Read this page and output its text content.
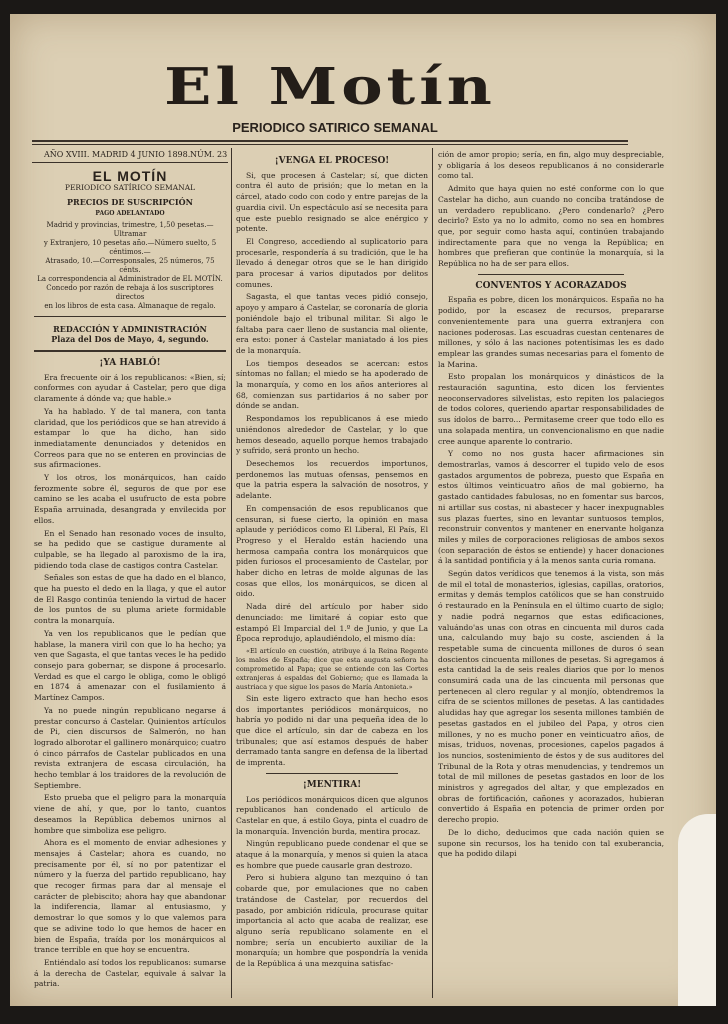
El Motín
PERIODICO SATIRICO SEMANAL
AÑO XVIII. MADRID 4 JUNIO 1898. NÚM. 23
EL MOTÍN
PERIODICO SATÍRICO SEMANAL
PRECIOS DE SUSCRIPCIÓN
PAGO ADELANTADO
Madrid y provincias, trimestre, 1,50 pesetas.—Ultramar
y Extranjero, 10 pesetas año.—Número suelto, 5 céntimos.—
Atrasado, 10.—Corresponsales, 25 números, 75 cénts.
La correspondencia al Administrador de EL MOTÍN.
Concedo por razón de rebaja á los suscriptores directos
en los libros de esta casa. Almanaque de regalo.
REDACCIÓN Y ADMINISTRACIÓN
Plaza del Dos de Mayo, 4, segundo.
¡YA HABLÓ!

Era frecuente oir á los republicanos: «Bien, sí; conformes con ayudar á Castelar, pero que diga claramente á dónde va; que hable.»

Ya ha hablado. Y de tal manera, con tanta claridad, que los periódicos que se han atrevido á estampar lo que ha dicho, han sido inmediatamente denunciados y detenidos en Correos para que no se enteren en provincias de sus afirmaciones.

Y los otros, los monárquicos, han caído ferozmente sobre él, seguros de que por ese camino se les acaba el usufructo de esta pobre España arruinada, desangrada y envilecida por ellos.

En el Senado han resonado voces de insulto, se ha pedido que se castigue duramente al culpable, se ha llegado al paroxismo de la ira, pidiendo toda clase de castigos contra Castelar.

Señales son estas de que ha dado en el blanco, que ha puesto el dedo en la llaga, y que el autor de El Rasgo continúa teniendo la virtud de hacer de los puntos de su pluma ariete formidable contra la monarquía.

Ya ven los republicanos que le pedían que hablase, la manera viril con que lo ha hecho; ya ven que Sagasta, el que tantas veces le ha pedido consejo para gobernar, se dispone á procesarlo. Verdad es que el cargo le obliga, como le obligó en 1874 á amenazar con el fusilamiento á Martínez Campos.

Ya no puede ningún republicano negarse á prestar concurso á Castelar. Quinientos artículos de Pi, cien discursos de Salmerón, no han logrado alborotar el gallinero monárquico; cuatro ó cinco párrafos de Castelar publicados en una revista extranjera de escasa circulación, ha hecho temblar á los traidores de la revolución de Septiembre.

Esto prueba que el peligro para la monarquía viene de ahí, y que, por lo tanto, cuantos deseamos la República debemos unirnos al hombre que simboliza ese peligro.

Ahora es el momento de enviar adhesiones y mensajes á Castelar; ahora es cuando, no precisamente por él, sí no por patentizar el número y la fuerza del partido republicano, hay que recoger firmas para dar al mensaje el carácter de plebiscito; ahora hay que abandonar la indiferencia, llamar al entusiasmo, y demostrar lo que somos y lo que valemos para que se adivine todo lo que hemos de hacer en bien de España, traída por los monárquicos al trance terrible en que hoy se encuentra.

Entiéndalo así todos los republicanos: sumarse á la derecha de Castelar, equivale á salvar la patria.

¡VENGA EL PROCESO!

Si, que procesen á Castelar; sí, que dicten contra él auto de prisión; que lo metan en la cárcel, atado codo con codo y entre parejas de la guardia civil. Un espectáculo así se necesita para que este pueblo resignado se alce enérgico y potente.

El Congreso, accediendo al suplicatorio para procesarle, respondería á su tradición, que le ha llevado á denegar otros que se le han dirigido para procesar á varios diputados por delitos comunes.

Sagasta, el que tantas veces pidió consejo, apoyo y amparo á Castelar, se coronaría de gloria poniéndole bajo el tribunal militar. Si algo le faltaba para caer lleno de sustancia mal oliente, era esto: poner á Castelar maniatado á los pies de la monarquía.

Los tiempos deseados se acercan: estos síntomas no fallan; el miedo se ha apoderado de la monarquía, y como en los años anteriores al 68, comienzan sus partidarios á no saber por dónde se andan.

Respondamos los republicanos á ese miedo uniéndonos alrededor de Castelar, y lo que hemos deseado, aquello porque hemos trabajado y sufrido, será pronto un hecho.

Desechemos los recuerdos importunos, perdonemos las mutuas ofensas, pensemos en que la patria espera la salvación de nosotros, y adelante.

En compensación de esos republicanos que censuran, si fuese cierto, la opinión en masa aplaude y periódicos como El Liberal, El País, El Progreso y el Heraldo están haciendo una hermosa campaña contra los monárquicos que piden furiosos el procesamiento de Castelar, por haber dicho en letras de molde algunas de las cosas que ellos, los monárquicos, se dicen al oido.

Nada diré del artículo por haber sido denunciado: me limitaré á copiar esto que estampó El Imparcial del 1.º de Junio, y que La Época reprodujo, aplaudiéndolo, el mismo día:

«El artículo en cuestión, atribuye á la Reina Regente los males de España; dice que esta augusta señora ha comprometido al Papa; que se entiende con las Cortes extranjeras á espaldas del Gobierno; que es llamada la austriaca y que sigue los pasos de María Antonieta.»

Sin este ligero extracto que han hecho esos dos importantes periódicos monárquicos, no habría yo podido ni dar una pequeña idea de lo que dice el artículo, sin dar de cabeza en los tribunales; que así estamos después de haber derramado tanta sangre en defensa de la libertad de imprenta.

¡MENTIRA!

Los periódicos monárquicos dicen que algunos republicanos han condenado el artículo de Castelar en que, á estilo Goya, pinta el cuadro de la monarquía. Invención burda, mentira procaz.

Ningún republicano puede condenar el que se ataque á la monarquía, y menos si quien la ataca es hombre que puede causarle gran destrozo.

Pero si hubiera alguno tan mezquino ó tan cobarde que, por emulaciones que no caben tratándose de Castelar, por recuerdos del pasado, por ambición ridícula, procurase quitar importancia al acto que acaba de realizar, ese alguno sería republicano solamente en el nombre; sería un encubierto auxiliar de la monarquía; un hombre que pospondría la venida de la República á una mezquina satisfac-

ción de amor propio; sería, en fin, algo muy despreciable, y obligaría á los deseos republicanos á no considerarle como tal.

Admito que haya quien no esté conforme con lo que Castelar ha dicho, aun cuando no conciba tratándose de un verdadero republicano. ¿Pero condenarlo? ¿Pero decirlo? Esto ya no lo admito, como no sea en hombres que, por seguir como hasta aquí, continúen trabajando indirectamente para que no venga la República; en hombres que prefieran que continúe la monarquía, si la República no ha de ser para ellos.

CONVENTOS Y ACORAZADOS

España es pobre, dicen los monárquicos. España no ha podido, por la escasez de recursos, prepararse convenientemente para una guerra extranjera con naciones poderosas. Las escuadras cuestan centenares de millones, y sólo á las naciones potentísimas les es dado emplear las grandes sumas necesarias para el fomento de la Marina.

Esto propalan los monárquicos y dinásticos de la restauración saguntina, esto dicen los fervientes neoconservadores silvelistas, esto repiten los palaciegos de todos colores, queriendo apartar responsabilidades de sus ídolos de barro... Permitaseme creer que todo ello es una solapada mentira, un convencionalismo en que nadie cree aunque aparente lo contrario.

Y como no nos gusta hacer afirmaciones sin demostrarlas, vamos á descorrer el tupido velo de esos gastados argumentos de pobreza, puesto que España en estos últimos veinticuatro años de mal gobierno, ha gastado cantidades fabulosas, no en fomentar sus barcos, ni artillar sus costas, ni abastecer y hacer inexpugnables sus plazas fuertes, sino en levantar suntuosos templos, reconstruir conventos y mantener en enervante holganza miles y miles de corporaciones religiosas de ambos sexos (con separación de éstos se entiende) y hacer donaciones á la santidad pontificia y á la menos santa curia romana.

Según datos verídicos que tenemos á la vista, son más de mil el total de monasterios, iglesias, capillas, oratorios, ermitas y demás templos católicos que se han construido ó restaurado en la Península en el último cuarto de siglo; y nadie podrá negarnos que estas edificaciones, valuándo'as unas con otras en cincuenta mil duros cada una, calculando muy bajo su coste, ascienden á la respetable suma de cincuenta millones de duros ó sean doscientos cincuenta millones de pesetas. Si agregamos á esta cantidad la de seis reales diarios que por lo menos consumirá cada una de las cincuenta mil personas que pertenecen al clero regular y al monjío, obtendremos la cifra de se scientos millones de pesetas. A las cantidades aludidas hay que agregar los sesenta millones también de pesetas gastados en el jubileo del Papa, y otros cien millones, y no es mucho poner en veinticuatro años, de misas, triduos, novenas, procesiones, capelos pagados á los nuncios, sostenimiento de éstos y de sus auditores del Tribunal de la Rota y otras menudencias, y tendremos un total de mil millones de pesetas gastados en loor de los ministros y agregados del altar, y que emplezados en obras de fortificación, cañones y acorazados, hubieran convertido á España en potencia de primer orden por derecho propio.

De lo dicho, deducimos que cada nación quien se supone sin recursos, los ha tenido con tal exuberancia, que ha podido dilapi
